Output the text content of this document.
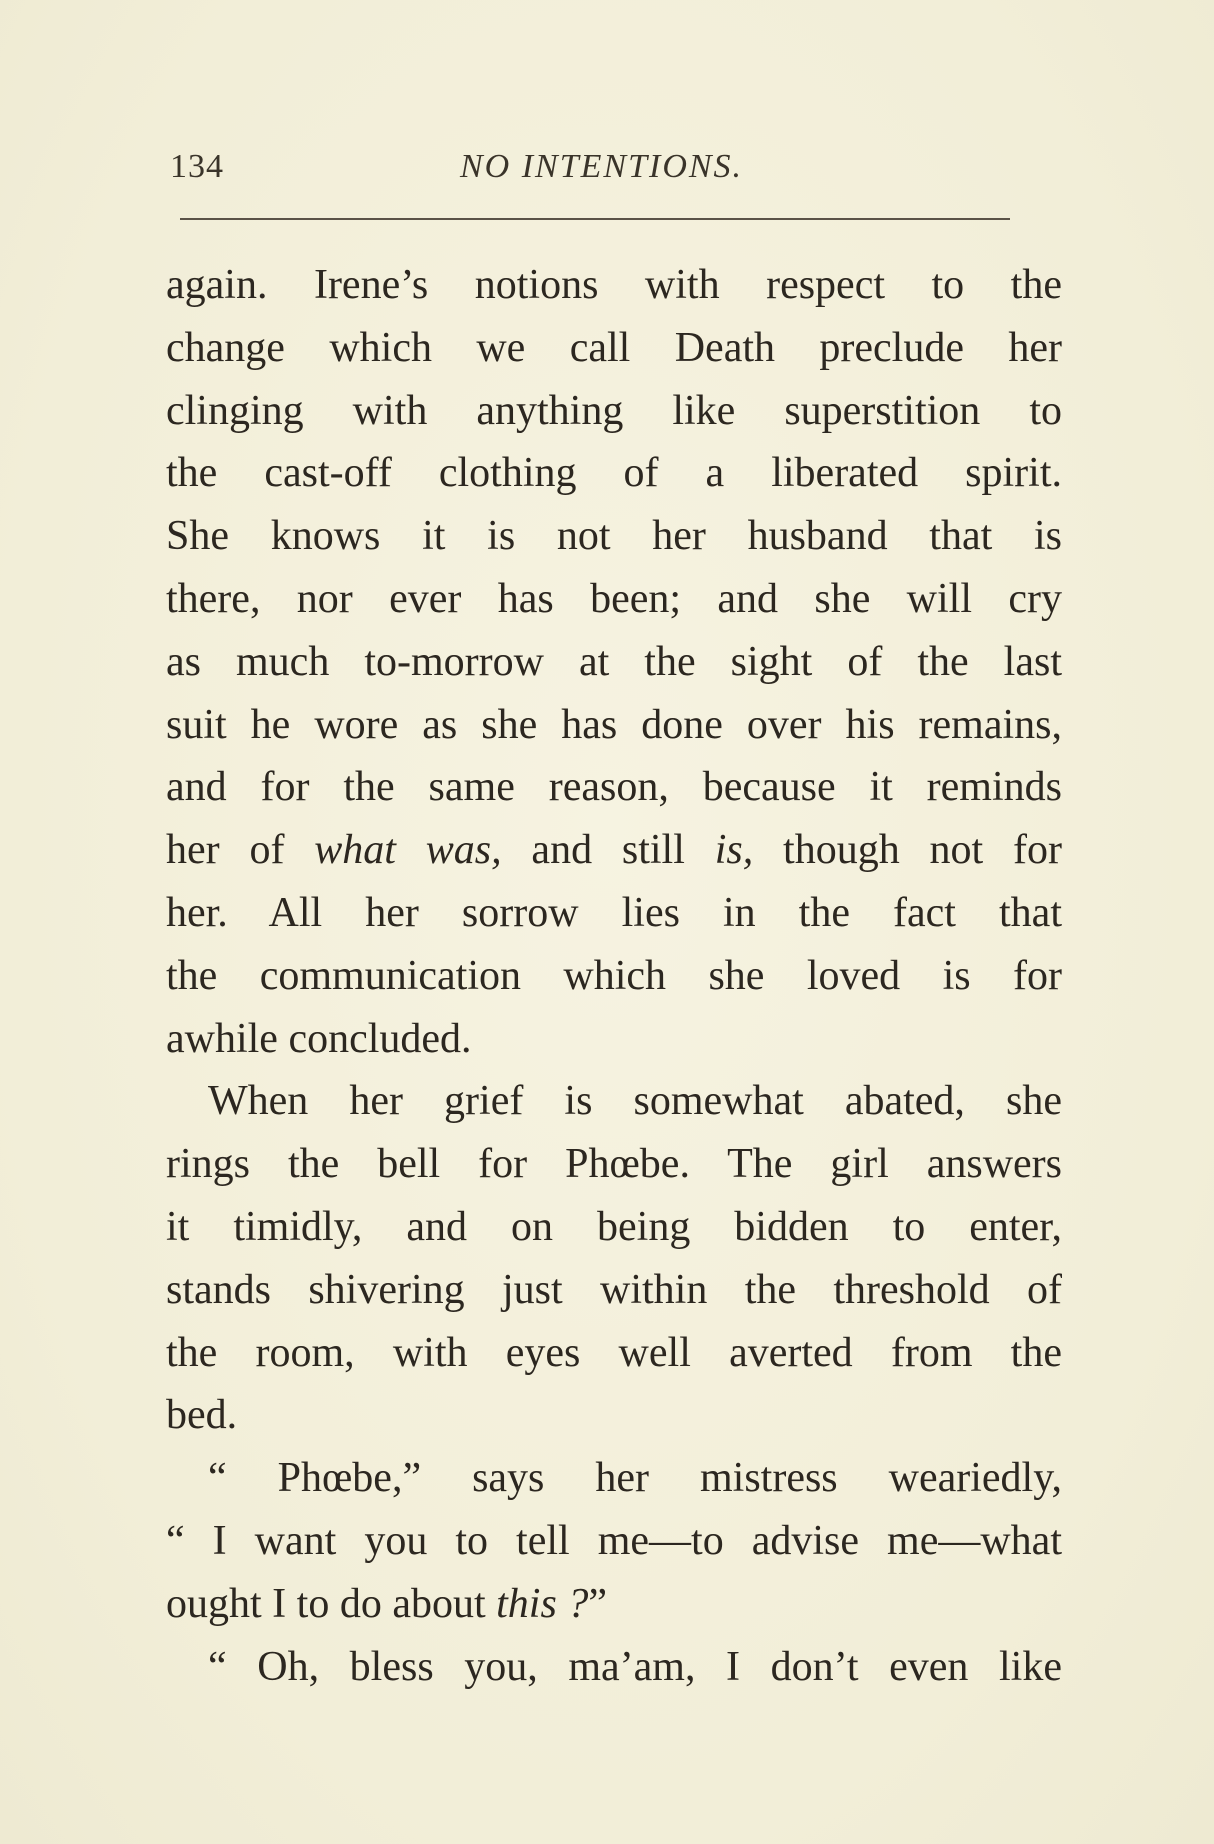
134	NO INTENTIONS.
again. Irene’s notions with respect to the
change which we call Death preclude her
clinging with anything like superstition to
the cast-off clothing of a liberated spirit.
She knows it is not her husband that is
there, nor ever has been; and she will cry
as much to-morrow at the sight of the last
suit he wore as she has done over his remains,
and for the same reason, because it reminds
her of what was, and still is, though not for
her. All her sorrow lies in the fact that
the communication which she loved is for
awhile concluded.
When her grief is somewhat abated, she
rings the bell for Phœbe. The girl answers
it timidly, and on being bidden to enter,
stands shivering just within the threshold of
the room, with eyes well averted from the
bed.
“ Phœbe,” says her mistress weariedly,
“ I want you to tell me—to advise me—what
ought I to do about this ?”
“ Oh, bless you, ma’am, I don’t even like
